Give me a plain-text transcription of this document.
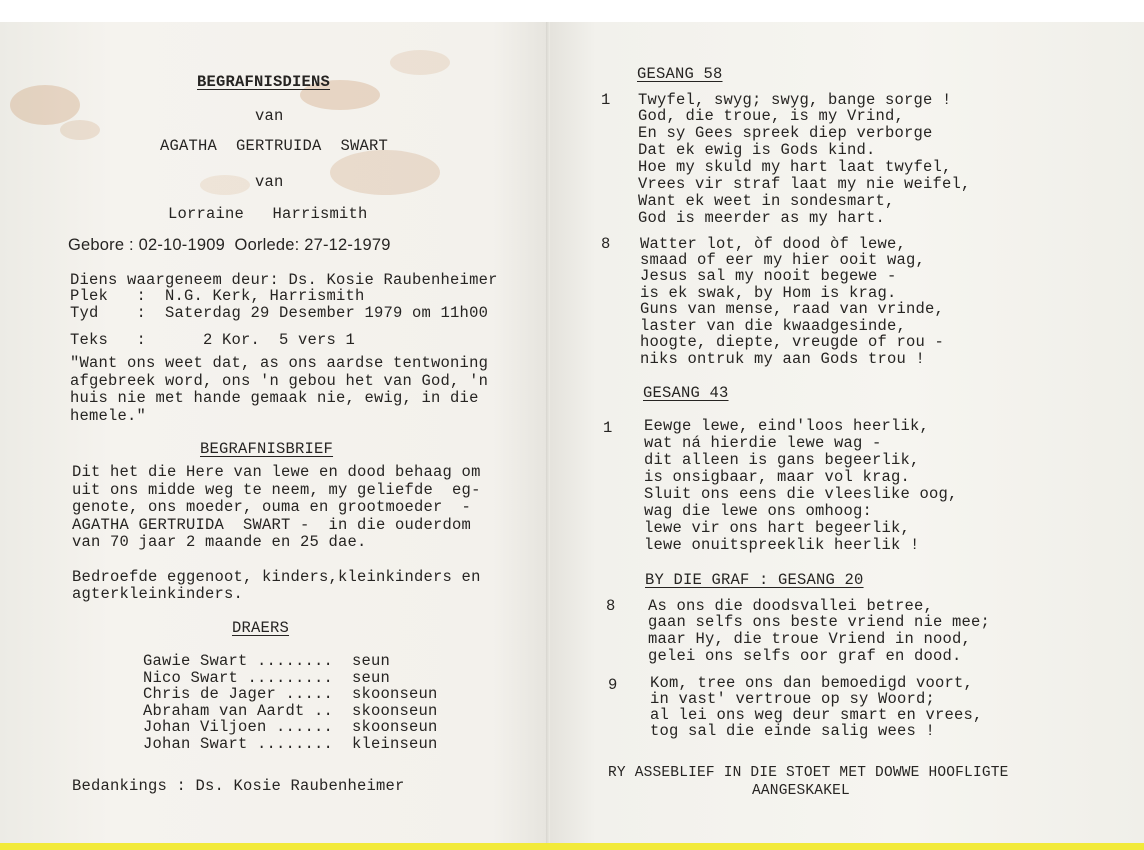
BEGRAFNISDIENS
van
AGATHA  GERTRUIDA  SWART
van
Lorraine   Harrismith
Gebore : 02-10-1909  Oorlede: 27-12-1979
Diens waargeneem deur: Ds. Kosie Raubenheimer
Plek   :  N.G. Kerk, Harrismith
Tyd    :  Saterdag 29 Desember 1979 om 11h00
Teks   :      2 Kor.  5 vers 1
"Want ons weet dat, as ons aardse tentwoning
afgebreek word, ons 'n gebou het van God, 'n
huis nie met hande gemaak nie, ewig, in die
hemele."
BEGRAFNISBRIEF
Dit het die Here van lewe en dood behaag om
uit ons midde weg te neem, my geliefde  eg-
genote, ons moeder, ouma en grootmoeder  -
AGATHA GERTRUIDA  SWART -  in die ouderdom
van 70 jaar 2 maande en 25 dae.
Bedroefde eggenoot, kinders,kleinkinders en
agterkleinkinders.
DRAERS
Gawie Swart ........ seun
Nico Swart ......... seun
Chris de Jager ..... skoonseun
Abraham van Aardt .. skoonseun
Johan Viljoen ...... skoonseun
Johan Swart ........ kleinseun
Bedankings : Ds. Kosie Raubenheimer
GESANG 58
1 Twyfel, swyg; swyg, bange sorge !
God, die troue, is my Vrind,
En sy Gees spreek diep verborge
Dat ek ewig is Gods kind.
Hoe my skuld my hart laat twyfel,
Vrees vir straf laat my nie weifel,
Want ek weet in sondesmart,
God is meerder as my hart.
8 Watter lot, òf dood òf lewe,
smaad of eer my hier ooit wag,
Jesus sal my nooit begewe -
is ek swak, by Hom is krag.
Guns van mense, raad van vrinde,
laster van die kwaadgesinde,
hoogte, diepte, vreugde of rou -
niks ontruk my aan Gods trou !
GESANG 43
1 Eewge lewe, eind'loos heerlik,
wat ná hierdie lewe wag -
dit alleen is gans begeerlik,
is onsigbaar, maar vol krag.
Sluit ons eens die vleeslike oog,
wag die lewe ons omhoog:
lewe vir ons hart begeerlik,
lewe onuitspreeklik heerlik !
BY DIE GRAF : GESANG 20
8 As ons die doodsvallei betree,
gaan selfs ons beste vriend nie mee;
maar Hy, die troue Vriend in nood,
gelei ons selfs oor graf en dood.
9 Kom, tree ons dan bemoedigd voort,
in vast' vertroue op sy Woord;
al lei ons weg deur smart en vrees,
tog sal die einde salig wees !
RY ASSEBLIEF IN DIE STOET MET DOWWE HOOFLIGTE
AANGESKAKEL
